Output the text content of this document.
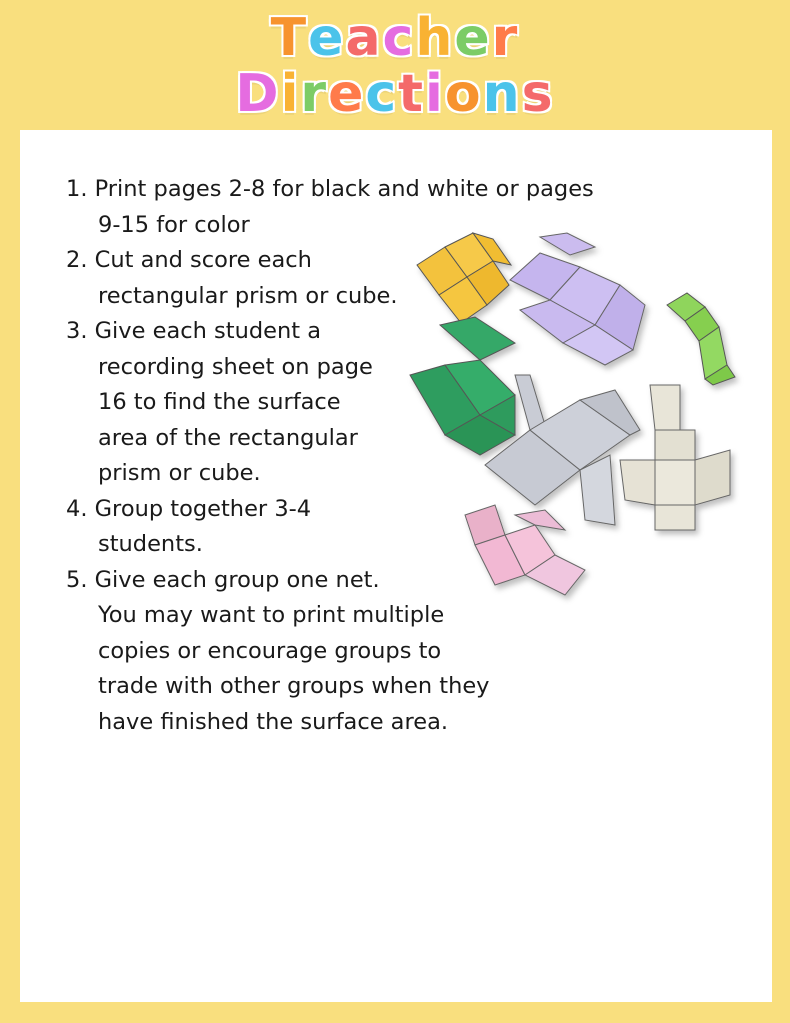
Teacher
Directions
1. Print pages 2-8 for black and white or pages
9-15 for color
2. Cut and score each
rectangular prism or cube.
3. Give each student a
recording sheet on page
16 to find the surface
area of the rectangular
prism or cube.
4. Group together 3-4
students.
5. Give each group one net.
You may want to print multiple
copies or encourage groups to
trade with other groups when they
have finished the surface area.
